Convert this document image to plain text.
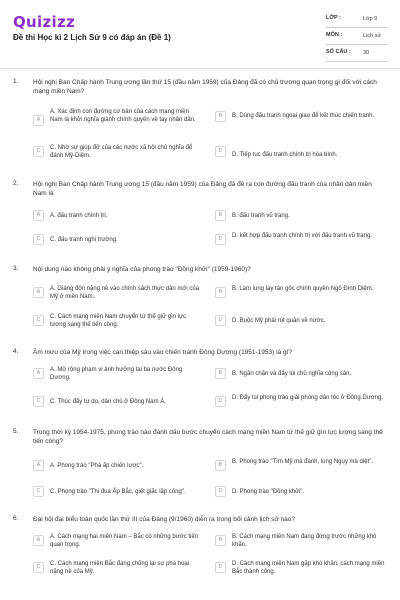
Quizizz
Đề thi Học kì 2 Lịch Sử 9 có đáp án (Đề 1)
LỚP :	Lớp 9
MÔN :	Lịch sử
SỐ CÂU : 30
1. Hội nghị Ban Chấp hành Trung ương lần thứ 15 (đầu năm 1959) của Đảng đã có chủ trương quan trọng gì đối với cách mạng miền Nam?
A
A. Xác định con đường cơ bản của cách mạng miền Nam là khởi nghĩa giành chính quyền về tay nhân dân.
B	B. Dùng đấu tranh ngoại giao để kết thúc chiến tranh.
C	C. Nhờ sự giúp đỡ của các nước xã hội chủ nghĩa để đánh Mỹ-Diệm.
D
D. Tiếp tục đấu tranh chính trị hòa bình.
2. Hội nghị Ban Chấp hành Trung ương 15 (đầu năm 1959) của Đảng đã đề ra con đường đấu tranh của nhân dân miền Nam là
A	A. đấu tranh chính trị.	B	B. đấu tranh vũ trang.
C	C. đấu tranh nghị trường.	D	D. kết hợp đấu tranh chính trị với đấu tranh vũ trang.
3. Nội dung nào không phải ý nghĩa của phong trào "Đồng khởi" (1959-1960)?
A	A. Giáng đòn nặng nề vào chính sách thực dân mới của Mỹ ở miền Nam.
B	B. Làm lung lay tận gốc chính quyền Ngô Đình Diệm.
C	C. Cách mạng miền Nam chuyển từ thế giữ gìn lực lượng sang thế tiến công.
D	D. Buộc Mỹ phải rút quân về nước.
4. Âm mưu của Mỹ trong việc can thiệp sâu vào chiến tranh Đông Dương (1951-1953) là gì?
A	A. Mở rộng phạm vi ảnh hưởng tại ba nước Đông Dương.
B	B. Ngăn chặn và đẩy lùi chủ nghĩa cộng sản.
C	C. Thúc đẩy tự do, dân chủ ở Đông Nam Á.	D	D. Đẩy lùi phong trào giải phóng dân tộc ở Đông Dương.
5. Trong thời kỳ 1954-1975, phong trào nào đánh dấu bước chuyển cách mạng miền Nam từ thế giữ gìn lực lượng sang thế tiến công?
A	A. Phong trào "Phá ấp chiến lược".	B	B. Phong trào "Tìm Mỹ mà đánh, lùng Ngụy mà diệt".
C	C. Phong trào "Thi đua Ấp Bắc, giết giặc lập công".	D	D. Phong trào "Đồng khởi".
6. Đại hội đại biểu toàn quốc lần thứ III của Đảng (9/1960) diễn ra trong bối cảnh lịch sử nào?
A	A. Cách mạng hai miền Nam – Bắc có những bước tiến quan trọng.
B	B. Cách mạng miền Nam đang đứng trước những khó khăn.
C	C. Cách mạng miền Bắc đang chống lại sự phá hoại nặng nề của Mỹ.
D	D. Cách mạng miền Nam gặp khó khăn, cách mạng miền Bắc thành công.
